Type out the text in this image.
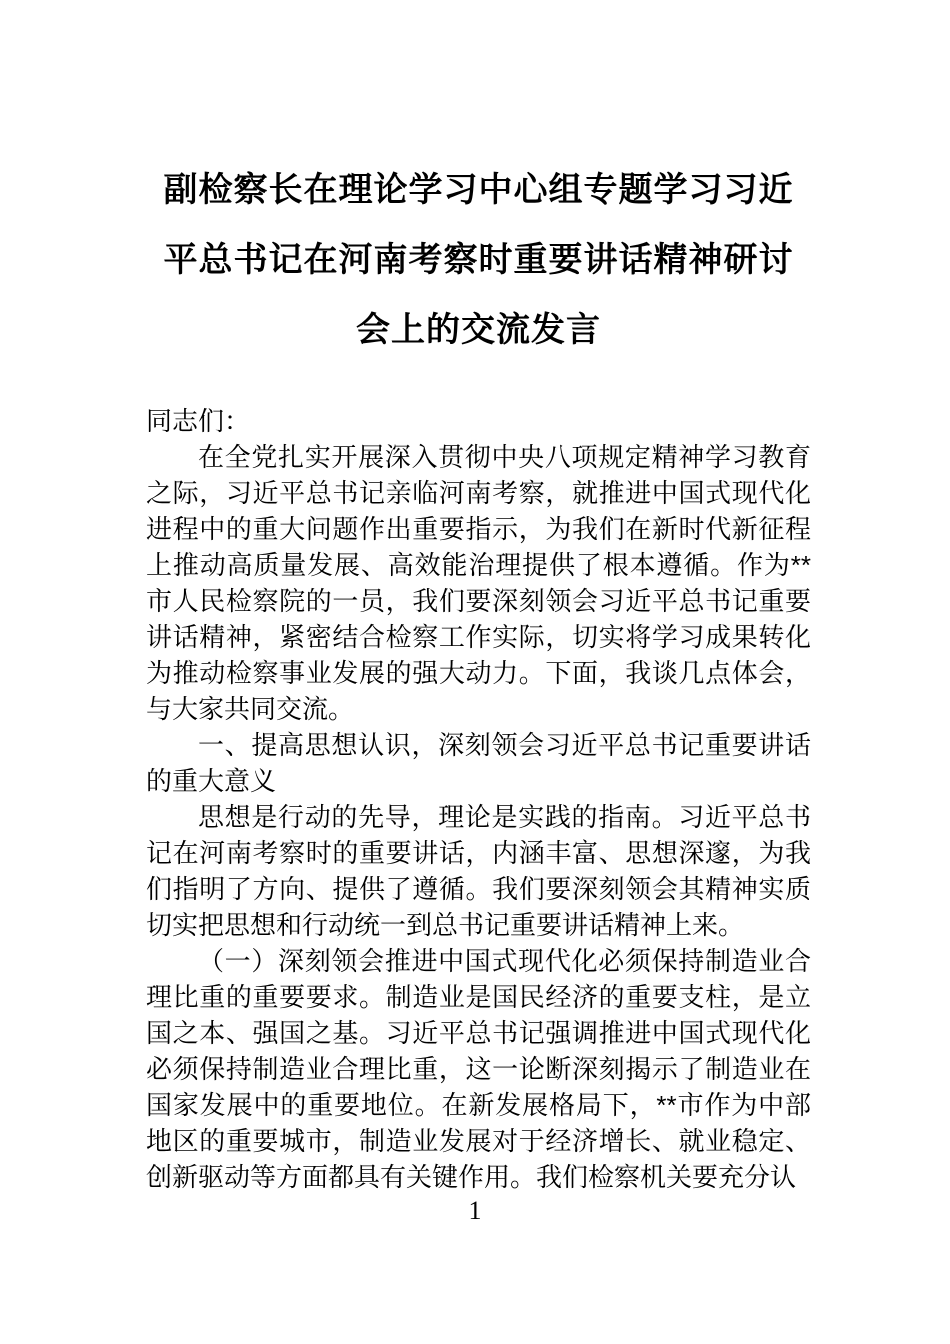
副检察长在理论学习中心组专题学习习近
平总书记在河南考察时重要讲话精神研讨
会上的交流发言

同志们：

在全党扎实开展深入贯彻中央八项规定精神学习教育之际，习近平总书记亲临河南考察，就推进中国式现代化进程中的重大问题作出重要指示，为我们在新时代新征程上推动高质量发展、高效能治理提供了根本遵循。作为**市人民检察院的一员，我们要深刻领会习近平总书记重要讲话精神，紧密结合检察工作实际，切实将学习成果转化为推动检察事业发展的强大动力。下面，我谈几点体会，与大家共同交流。

一、提高思想认识，深刻领会习近平总书记重要讲话的重大意义

思想是行动的先导，理论是实践的指南。习近平总书记在河南考察时的重要讲话，内涵丰富、思想深邃，为我们指明了方向、提供了遵循。我们要深刻领会其精神实质切实把思想和行动统一到总书记重要讲话精神上来。

（一）深刻领会推进中国式现代化必须保持制造业合理比重的重要要求。制造业是国民经济的重要支柱，是立国之本、强国之基。习近平总书记强调推进中国式现代化必须保持制造业合理比重，这一论断深刻揭示了制造业在国家发展中的重要地位。在新发展格局下，**市作为中部地区的重要城市，制造业发展对于经济增长、就业稳定、创新驱动等方面都具有关键作用。我们检察机关要充分认

1
